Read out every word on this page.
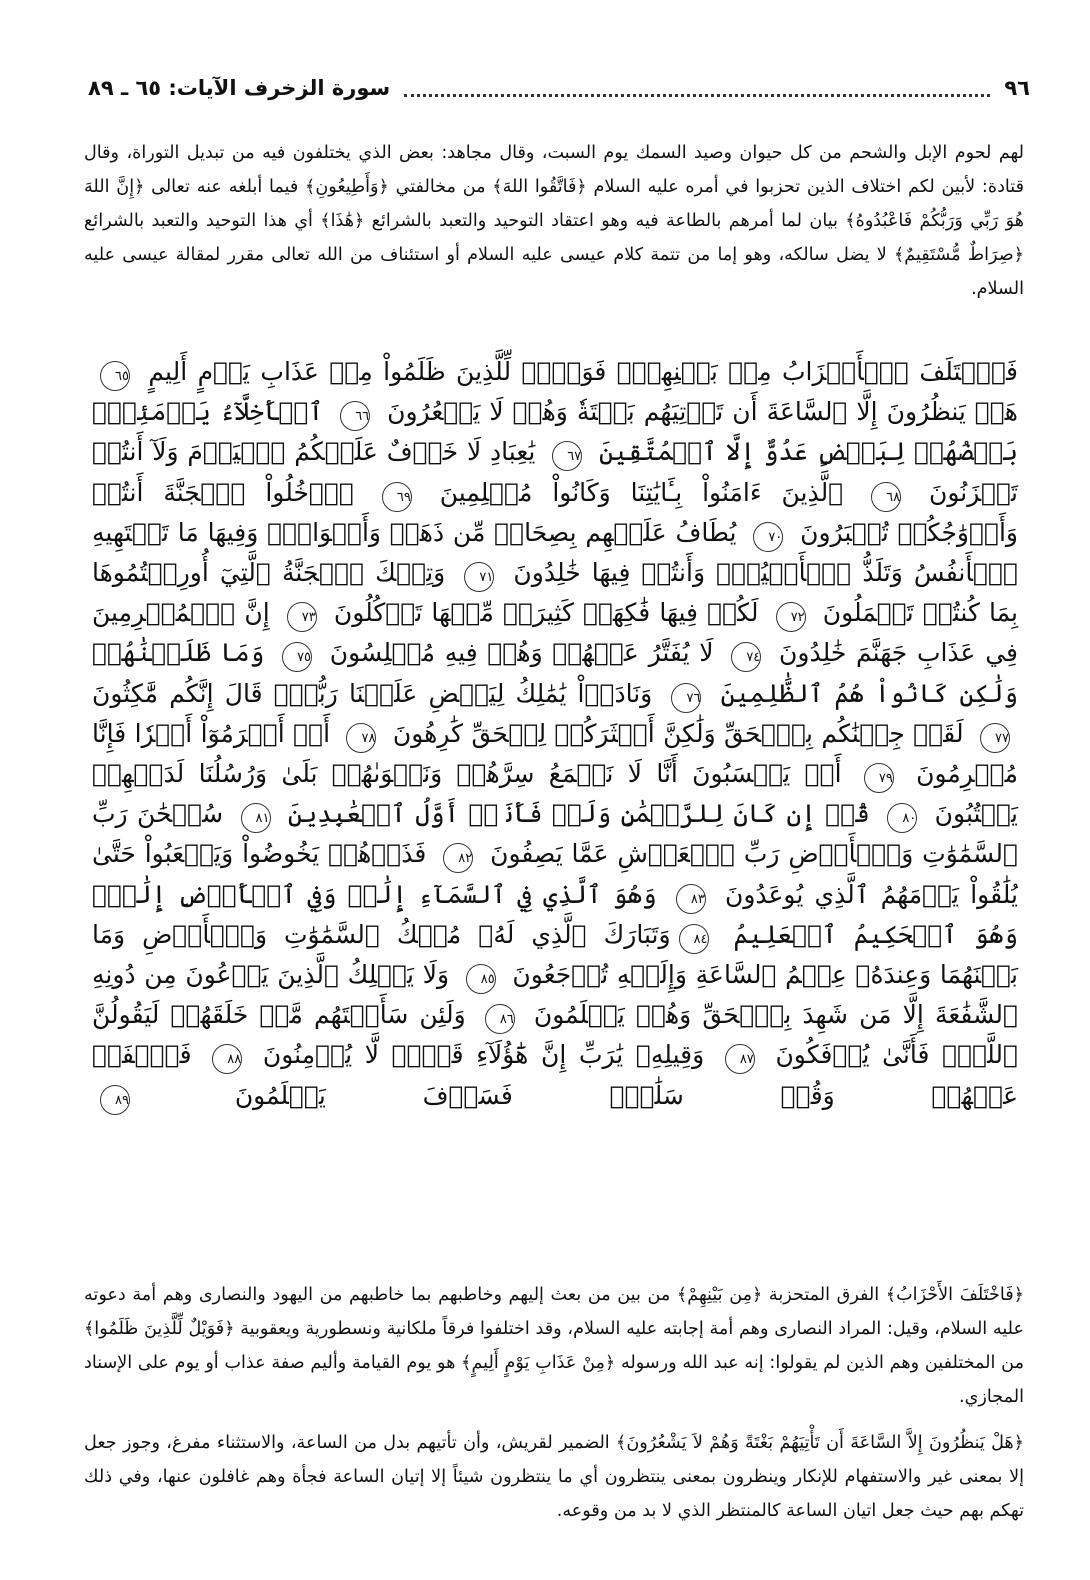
٩٦
سورة الزخرف الآيات: ٦٥ ـ ٨٩

لهم لحوم الإبل والشحم من كل حيوان وصيد السمك يوم السبت، وقال مجاهد: بعض الذي يختلفون فيه من تبديل التوراة، وقال قتادة: لأبين لكم اختلاف الذين تحزبوا في أمره عليه السلام ﴿فَاتَّقُوا اللهَ﴾ من مخالفتي ﴿وَأَطِيعُونِ﴾ فيما أبلغه عنه تعالى ﴿إِنَّ اللهَ هُوَ رَبِّي وَرَبُّكُمْ فَاعْبُدُوهُ﴾ بيان لما أمرهم بالطاعة فيه وهو اعتقاد التوحيد والتعبد بالشرائع ﴿هَٰذَا﴾ أي هذا التوحيد والتعبد بالشرائع ﴿صِرَاطٌ مُّسْتَقِيمٌ﴾ لا يضل سالكه، وهو إما من تتمة كلام عيسى عليه السلام أو استئناف من الله تعالى مقرر لمقالة عيسى عليه السلام.

فَٱخۡتَلَفَ ٱلۡأَحۡزَابُ مِنۢ بَيۡنِهِمۡۖ فَوَيۡلٞ لِّلَّذِينَ ظَلَمُواْ مِنۡ عَذَابِ يَوۡمٍ أَلِيمٍ ٦٥ هَلۡ يَنظُرُونَ إِلَّا ٱلسَّاعَةَ أَن تَأۡتِيَهُم بَغۡتَةٗ وَهُمۡ لَا يَشۡعُرُونَ ٦٦ ٱلۡأَخِلَّآءُ يَوۡمَئِذِۭ بَعۡضُهُمۡ لِبَعۡضٍ عَدُوٌّ إِلَّا ٱلۡمُتَّقِينَ ٦٧ يَٰعِبَادِ لَا خَوۡفٌ عَلَيۡكُمُ ٱلۡيَوۡمَ وَلَآ أَنتُمۡ تَحۡزَنُونَ ٦٨ ٱلَّذِينَ ءَامَنُواْ بِـَٔايَٰتِنَا وَكَانُواْ مُسۡلِمِينَ ٦٩ ٱدۡخُلُواْ ٱلۡجَنَّةَ أَنتُمۡ وَأَزۡوَٰجُكُمۡ تُحۡبَرُونَ ٧٠ يُطَافُ عَلَيۡهِم بِصِحَافٖ مِّن ذَهَبٖ وَأَكۡوَابٖۖ وَفِيهَا مَا تَشۡتَهِيهِ ٱلۡأَنفُسُ وَتَلَذُّ ٱلۡأَعۡيُنُۖ وَأَنتُمۡ فِيهَا خَٰلِدُونَ ٧١ وَتِلۡكَ ٱلۡجَنَّةُ ٱلَّتِيٓ أُورِثۡتُمُوهَا بِمَا كُنتُمۡ تَعۡمَلُونَ ٧٢ لَكُمۡ فِيهَا فَٰكِهَةٞ كَثِيرَةٞ مِّنۡهَا تَأۡكُلُونَ ٧٣ إِنَّ ٱلۡمُجۡرِمِينَ فِي عَذَابِ جَهَنَّمَ خَٰلِدُونَ ٧٤ لَا يُفَتَّرُ عَنۡهُمۡ وَهُمۡ فِيهِ مُبۡلِسُونَ ٧٥ وَمَا ظَلَمۡنَٰهُمۡ وَلَٰكِن كَانُواْ هُمُ ٱلظَّٰلِمِينَ ٧٦ وَنَادَوۡاْ يَٰمَٰلِكُ لِيَقۡضِ عَلَيۡنَا رَبُّكَۖ قَالَ إِنَّكُم مَّٰكِثُونَ ٧٧ لَقَدۡ جِئۡنَٰكُم بِٱلۡحَقِّ وَلَٰكِنَّ أَكۡثَرَكُمۡ لِلۡحَقِّ كَٰرِهُونَ ٧٨ أَمۡ أَبۡرَمُوٓاْ أَمۡرٗا فَإِنَّا مُبۡرِمُونَ ٧٩ أَمۡ يَحۡسَبُونَ أَنَّا لَا نَسۡمَعُ سِرَّهُمۡ وَنَجۡوَىٰهُمۚ بَلَىٰ وَرُسُلُنَا لَدَيۡهِمۡ يَكۡتُبُونَ ٨٠ قُلۡ إِن كَانَ لِلرَّحۡمَٰنِ وَلَدٞ فَأَنَا۠ أَوَّلُ ٱلۡعَٰبِدِينَ ٨١ سُبۡحَٰنَ رَبِّ ٱلسَّمَٰوَٰتِ وَٱلۡأَرۡضِ رَبِّ ٱلۡعَرۡشِ عَمَّا يَصِفُونَ ٨٢ فَذَرۡهُمۡ يَخُوضُواْ وَيَلۡعَبُواْ حَتَّىٰ يُلَٰقُواْ يَوۡمَهُمُ ٱلَّذِي يُوعَدُونَ ٨٣ وَهُوَ ٱلَّذِي فِي ٱلسَّمَآءِ إِلَٰهٞ وَفِي ٱلۡأَرۡضِ إِلَٰهٞۚ وَهُوَ ٱلۡحَكِيمُ ٱلۡعَلِيمُ ٨٤وَتَبَارَكَ ٱلَّذِي لَهُۥ مُلۡكُ ٱلسَّمَٰوَٰتِ وَٱلۡأَرۡضِ وَمَا بَيۡنَهُمَا وَعِندَهُۥ عِلۡمُ ٱلسَّاعَةِ وَإِلَيۡهِ تُرۡجَعُونَ ٨٥ وَلَا يَمۡلِكُ ٱلَّذِينَ يَدۡعُونَ مِن دُونِهِ ٱلشَّفَٰعَةَ إِلَّا مَن شَهِدَ بِٱلۡحَقِّ وَهُمۡ يَعۡلَمُونَ ٨٦ وَلَئِن سَأَلۡتَهُم مَّنۡ خَلَقَهُمۡ لَيَقُولُنَّ ٱللَّهُۖ فَأَنَّىٰ يُؤۡفَكُونَ ٨٧ وَقِيلِهِۦ يَٰرَبِّ إِنَّ هَٰٓؤُلَآءِ قَوۡمٞ لَّا يُؤۡمِنُونَ ٨٨ فَٱصۡفَحۡ عَنۡهُمۡ وَقُلۡ سَلَٰمٞۚ فَسَوۡفَ يَعۡلَمُونَ ٨٩

﴿فَاخْتَلَفَ الأَحْزَابُ﴾ الفرق المتحزبة ﴿مِن بَيْنِهِمْ﴾ من بين من بعث إليهم وخاطبهم بما خاطبهم من اليهود والنصارى وهم أمة دعوته عليه السلام، وقيل: المراد النصارى وهم أمة إجابته عليه السلام، وقد اختلفوا فرقاً ملكانية ونسطورية ويعقوبية ﴿فَوَيْلٌ لِّلَّذِينَ ظَلَمُوا﴾ من المختلفين وهم الذين لم يقولوا: إنه عبد الله ورسوله ﴿مِنْ عَذَابِ يَوْمٍ أَلِيمٍ﴾ هو يوم القيامة وأليم صفة عذاب أو يوم على الإسناد المجازي.

﴿هَلْ يَنظُرُونَ إِلاَّ السَّاعَةَ أَن تَأْتِيَهُمْ بَغْتَةً وَهُمْ لاَ يَشْعُرُونَ﴾ الضمير لقريش، وأن تأتيهم بدل من الساعة، والاستثناء مفرغ، وجوز جعل إلا بمعنى غير والاستفهام للإنكار وينظرون بمعنى ينتظرون أي ما ينتظرون شيئاً إلا إتيان الساعة فجأة وهم غافلون عنها، وفي ذلك تهكم بهم حيث جعل اتيان الساعة كالمنتظر الذي لا بد من وقوعه.
